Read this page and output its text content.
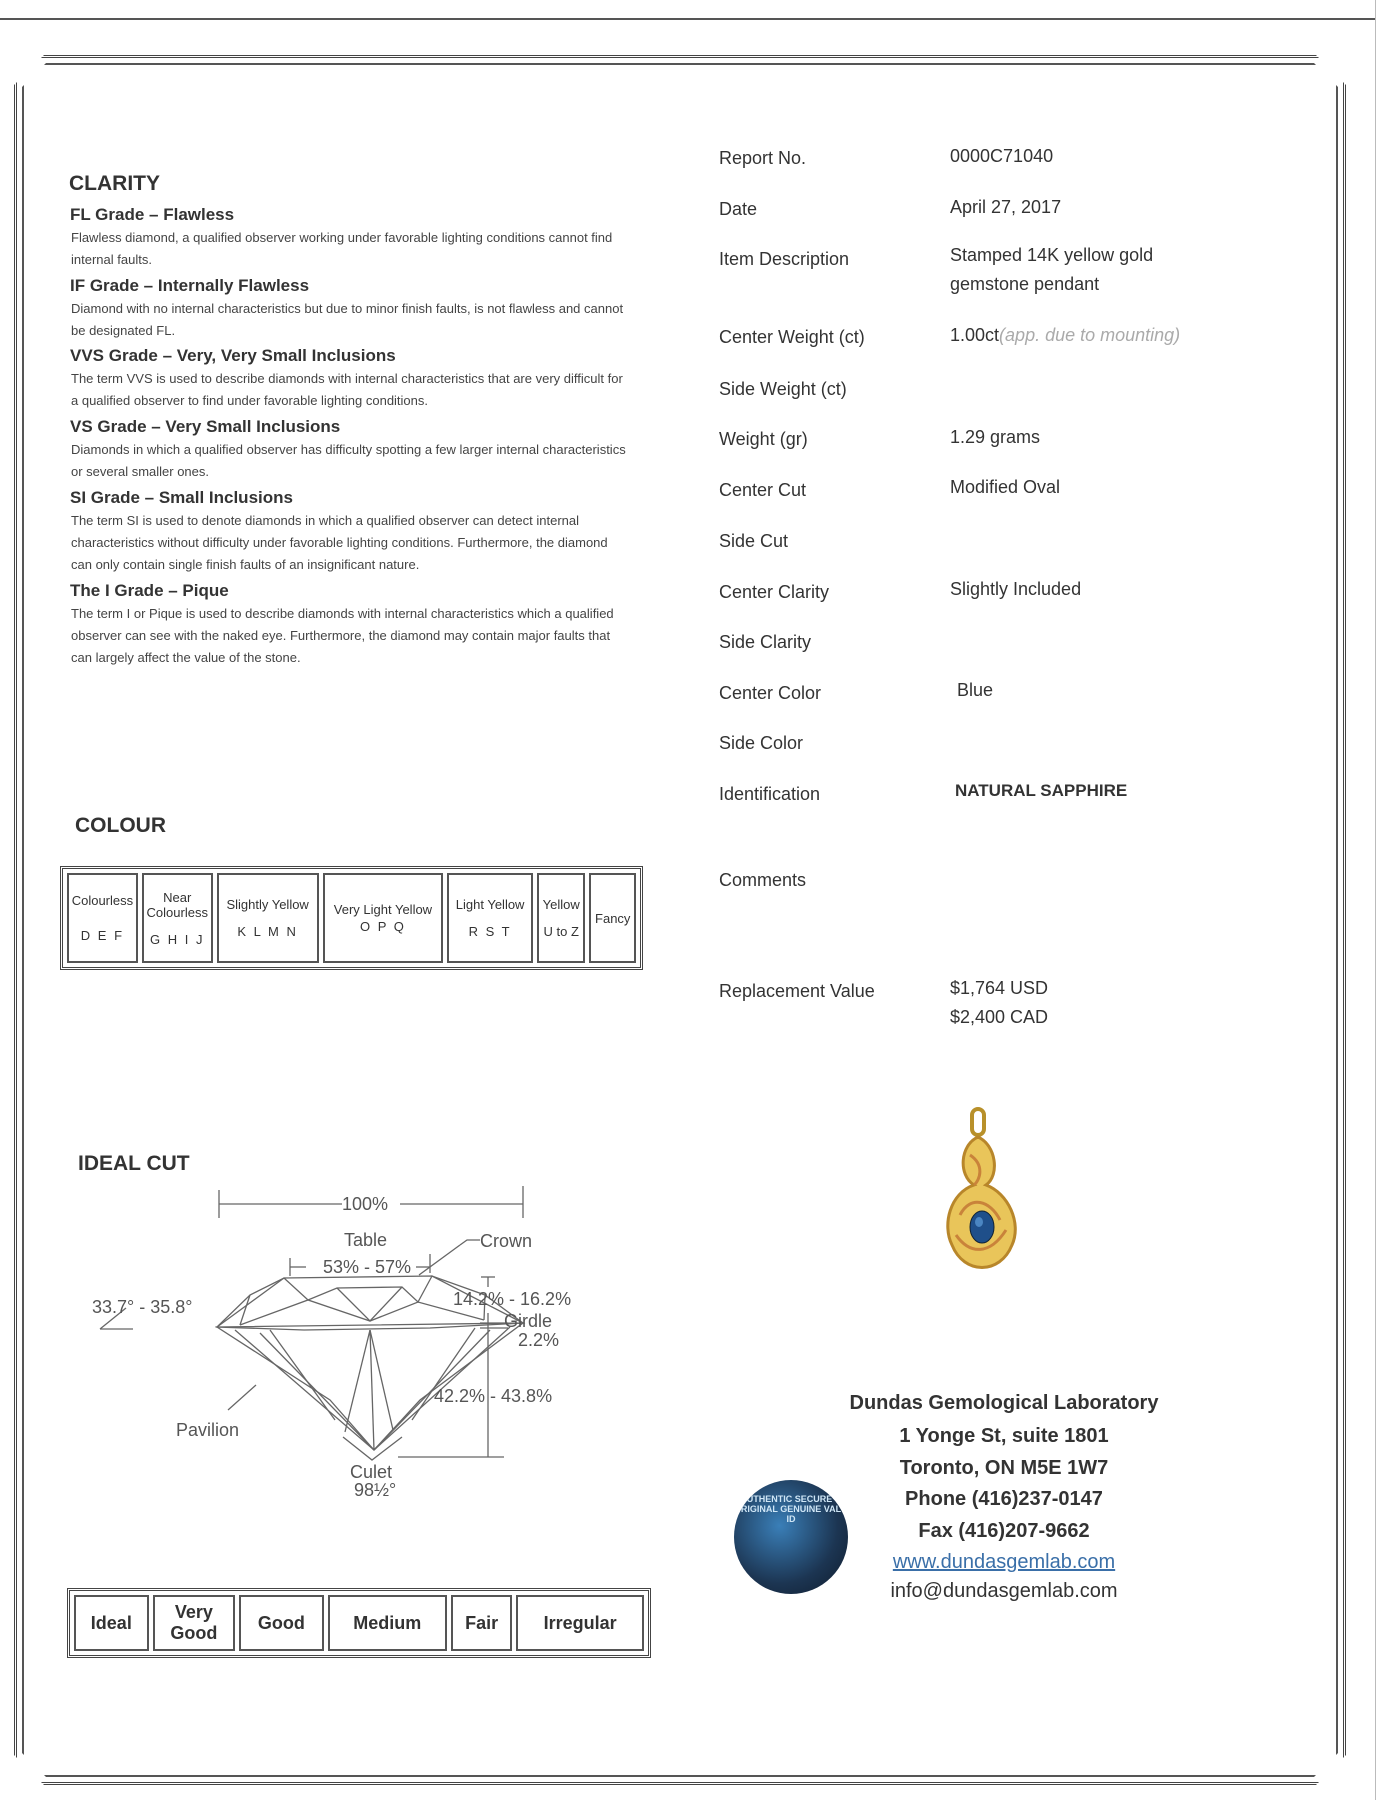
CLARITY
FL Grade – Flawless
Flawless diamond, a qualified observer working under favorable lighting conditions cannot find internal faults.
IF Grade – Internally Flawless
Diamond with no internal characteristics but due to minor finish faults, is not flawless and cannot be designated FL.
VVS Grade – Very, Very Small Inclusions
The term VVS is used to describe diamonds with internal characteristics that are very difficult for a qualified observer to find under favorable lighting conditions.
VS Grade – Very Small Inclusions
Diamonds in which a qualified observer has difficulty spotting a few larger internal characteristics or several smaller ones.
SI Grade – Small Inclusions
The term SI is used to denote diamonds in which a qualified observer can detect internal characteristics without difficulty under favorable lighting conditions. Furthermore, the diamond can only contain single finish faults of an insignificant nature.
The I Grade – Pique
The term I or Pique is used to describe diamonds with internal characteristics which a qualified observer can see with the naked eye. Furthermore, the diamond may contain major faults that can largely affect the value of the stone.
COLOUR
Colourless
D E F

Near Colourless
G H I J

Slightly Yellow
K L M N

Very Light Yellow
O P Q

Light Yellow
R S T

Yellow
U to Z

Fancy
IDEAL CUT
100%
Table
53% - 57%
Crown
33.7° - 35.8°	14.2% - 16.2%
Girdle
2.2%
42.2% - 43.8%
Pavilion
Culet
98½°
Ideal	Very Good	Good	Medium	Fair	Irregular
Report No.	0000C71040
Date	April 27, 2017
Item Description	Stamped 14K yellow gold
gemstone pendant
Center Weight (ct)	1.00ct(app. due to mounting)
Side Weight (ct)
Weight (gr)	1.29 grams
Center Cut	Modified Oval
Side Cut
Center Clarity	Slightly Included
Side Clarity
Center Color	Blue
Side Color
Identification	NATURAL SAPPHIRE
Comments
Replacement Value	$1,764 USD
$2,400 CAD
Dundas Gemological Laboratory
1 Yonge St, suite 1801
Toronto, ON M5E 1W7
Phone (416)237-0147
Fax (416)207-9662
www.dundasgemlab.com
info@dundasgemlab.com
AUTHENTIC SECURE ORIGINAL GENUINE VALID
